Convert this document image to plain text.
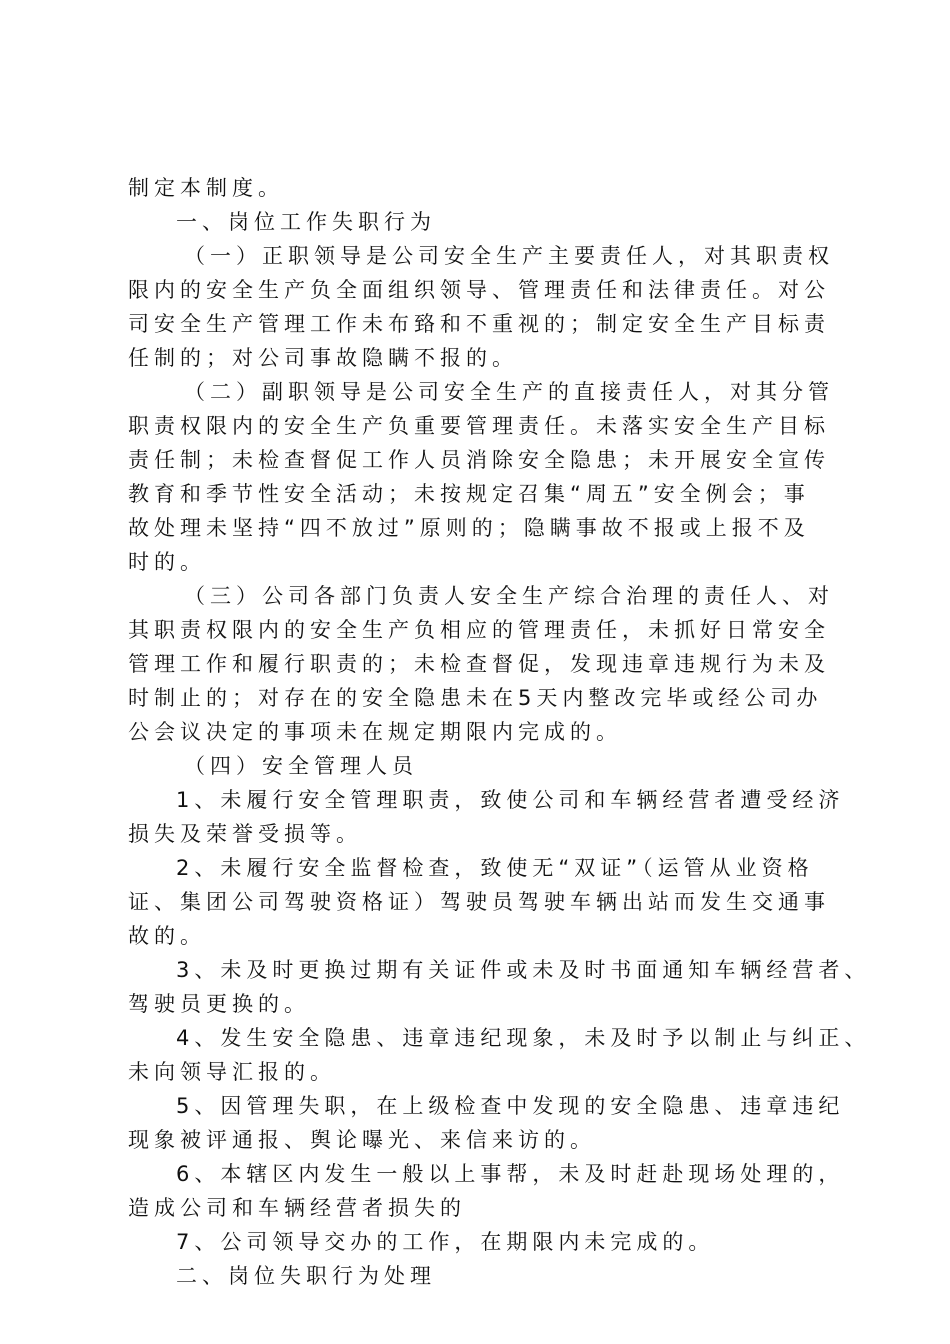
制定本制度。
一、岗位工作失职行为
（一）正职领导是公司安全生产主要责任人，对其职责权
限内的安全生产负全面组织领导、管理责任和法律责任。对公
司安全生产管理工作未布臵和不重视的；制定安全生产目标责
任制的；对公司事故隐瞒不报的。
（二）副职领导是公司安全生产的直接责任人，对其分管
职责权限内的安全生产负重要管理责任。未落实安全生产目标
责任制；未检查督促工作人员消除安全隐患；未开展安全宣传
教育和季节性安全活动；未按规定召集“周五”安全例会；事
故处理未坚持“四不放过”原则的；隐瞒事故不报或上报不及
时的。
（三）公司各部门负责人安全生产综合治理的责任人、对
其职责权限内的安全生产负相应的管理责任，未抓好日常安全
管理工作和履行职责的；未检查督促，发现违章违规行为未及
时制止的；对存在的安全隐患未在5天内整改完毕或经公司办
公会议决定的事项未在规定期限内完成的。
（四）安全管理人员
1、未履行安全管理职责，致使公司和车辆经营者遭受经济
损失及荣誉受损等。
2、未履行安全监督检查，致使无“双证”（运管从业资格
证、集团公司驾驶资格证）驾驶员驾驶车辆出站而发生交通事
故的。
3、未及时更换过期有关证件或未及时书面通知车辆经营者、
驾驶员更换的。
4、发生安全隐患、违章违纪现象，未及时予以制止与纠正、
未向领导汇报的。
5、因管理失职，在上级检查中发现的安全隐患、违章违纪
现象被评通报、舆论曝光、来信来访的。
6、本辖区内发生一般以上事帮，未及时赶赴现场处理的，
造成公司和车辆经营者损失的
7、公司领导交办的工作，在期限内未完成的。
二、岗位失职行为处理
